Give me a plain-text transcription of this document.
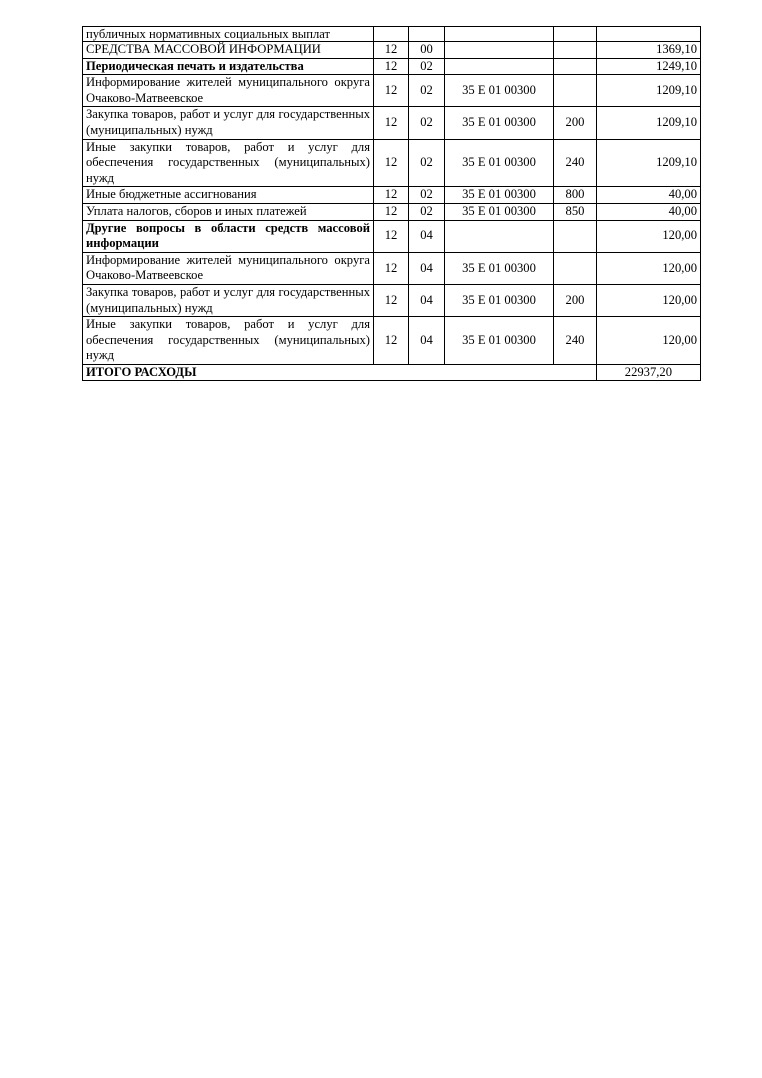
публичных нормативных социальных выплат					
СРЕДСТВА МАССОВОЙ ИНФОРМАЦИИ	12	00			1369,10
Периодическая печать и издательства	12	02			1249,10
Информирование жителей муниципального округа Очаково-Матвеевское	12	02	35 Е 01 00300		1209,10
Закупка товаров, работ и услуг для государственных (муниципальных) нужд	12	02	35 Е 01 00300	200	1209,10
Иные закупки товаров, работ и услуг для обеспечения государственных (муниципальных) нужд	12	02	35 Е 01 00300	240	1209,10
Иные бюджетные ассигнования	12	02	35 Е 01 00300	800	40,00
Уплата налогов, сборов и иных платежей	12	02	35 Е 01 00300	850	40,00
Другие вопросы в области средств массовой информации	12	04			120,00
Информирование жителей муниципального округа Очаково-Матвеевское	12	04	35 Е 01 00300		120,00
Закупка товаров, работ и услуг для государственных (муниципальных) нужд	12	04	35 Е 01 00300	200	120,00
Иные закупки товаров, работ и услуг для обеспечения государственных (муниципальных) нужд	12	04	35 Е 01 00300	240	120,00
ИТОГО РАСХОДЫ					22937,20
